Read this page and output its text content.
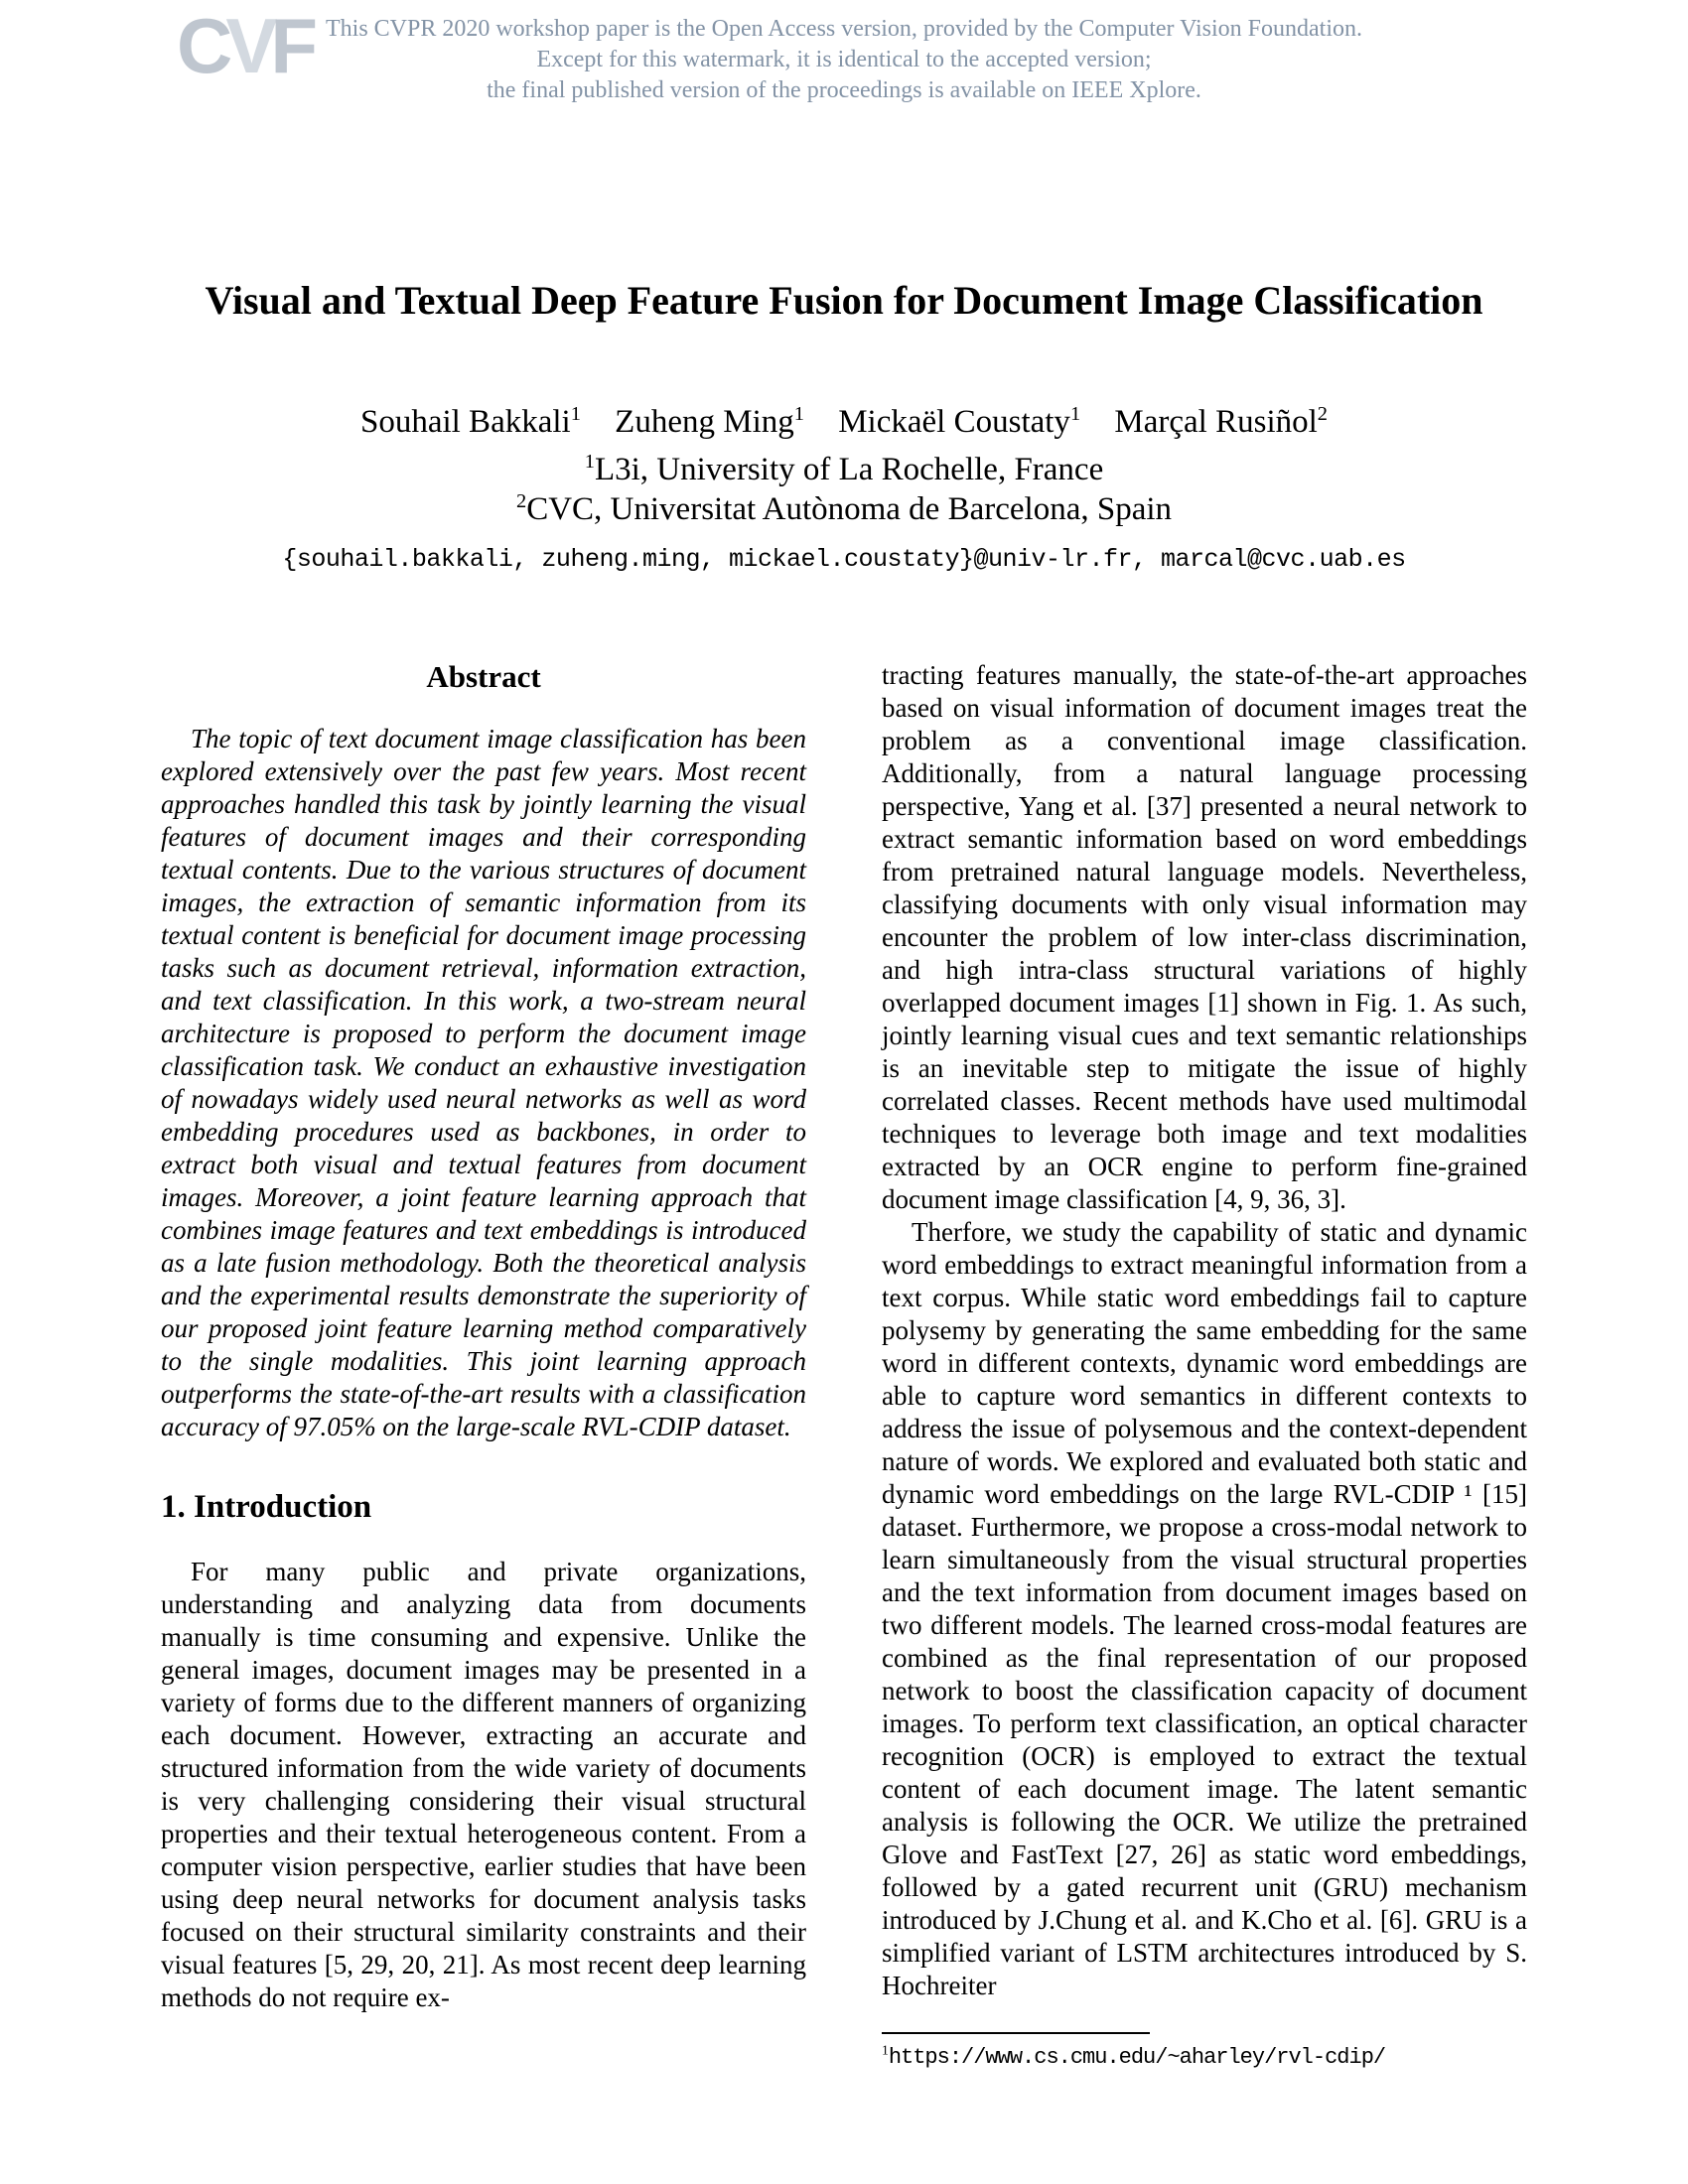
CVF This CVPR 2020 workshop paper is the Open Access version, provided by the Computer Vision Foundation.
Except for this watermark, it is identical to the accepted version;
the final published version of the proceedings is available on IEEE Xplore.
Visual and Textual Deep Feature Fusion for Document Image Classification
Souhail Bakkali$^1$ Zuheng Ming$^1$ Mickaël Coustaty$^1$ Marçal Rusiñol$^2$
$^1$L3i, University of La Rochelle, France
$^2$CVC, Universitat Autònoma de Barcelona, Spain
{souhail.bakkali, zuheng.ming, mickael.coustaty}@univ-lr.fr, marcal@cvc.uab.es
Abstract

The topic of text document image classification has been explored extensively over the past few years. Most recent approaches handled this task by jointly learning the visual features of document images and their corresponding textual contents. Due to the various structures of document images, the extraction of semantic information from its textual content is beneficial for document image processing tasks such as document retrieval, information extraction, and text classification. In this work, a two-stream neural architecture is proposed to perform the document image classification task. We conduct an exhaustive investigation of nowadays widely used neural networks as well as word embedding procedures used as backbones, in order to extract both visual and textual features from document images. Moreover, a joint feature learning approach that combines image features and text embeddings is introduced as a late fusion methodology. Both the theoretical analysis and the experimental results demonstrate the superiority of our proposed joint feature learning method comparatively to the single modalities. This joint learning approach outperforms the state-of-the-art results with a classification accuracy of 97.05% on the large-scale RVL-CDIP dataset.

1. Introduction

For many public and private organizations, understanding and analyzing data from documents manually is time consuming and expensive. Unlike the general images, document images may be presented in a variety of forms due to the different manners of organizing each document. However, extracting an accurate and structured information from the wide variety of documents is very challenging considering their visual structural properties and their textual heterogeneous content. From a computer vision perspective, earlier studies that have been using deep neural networks for document analysis tasks focused on their structural similarity constraints and their visual features [5, 29, 20, 21]. As most recent deep learning methods do not require ex-

tracting features manually, the state-of-the-art approaches based on visual information of document images treat the problem as a conventional image classification. Additionally, from a natural language processing perspective, Yang et al. [37] presented a neural network to extract semantic information based on word embeddings from pretrained natural language models. Nevertheless, classifying documents with only visual information may encounter the problem of low inter-class discrimination, and high intra-class structural variations of highly overlapped document images [1] shown in Fig. 1. As such, jointly learning visual cues and text semantic relationships is an inevitable step to mitigate the issue of highly correlated classes. Recent methods have used multimodal techniques to leverage both image and text modalities extracted by an OCR engine to perform fine-grained document image classification [4, 9, 36, 3].

Therfore, we study the capability of static and dynamic word embeddings to extract meaningful information from a text corpus. While static word embeddings fail to capture polysemy by generating the same embedding for the same word in different contexts, dynamic word embeddings are able to capture word semantics in different contexts to address the issue of polysemous and the context-dependent nature of words. We explored and evaluated both static and dynamic word embeddings on the large RVL-CDIP ¹ [15] dataset. Furthermore, we propose a cross-modal network to learn simultaneously from the visual structural properties and the text information from document images based on two different models. The learned cross-modal features are combined as the final representation of our proposed network to boost the classification capacity of document images. To perform text classification, an optical character recognition (OCR) is employed to extract the textual content of each document image. The latent semantic analysis is following the OCR. We utilize the pretrained Glove and FastText [27, 26] as static word embeddings, followed by a gated recurrent unit (GRU) mechanism introduced by J.Chung et al. and K.Cho et al. [6]. GRU is a simplified variant of LSTM architectures introduced by S. Hochreiter

$^1$https://www.cs.cmu.edu/~aharley/rvl-cdip/
